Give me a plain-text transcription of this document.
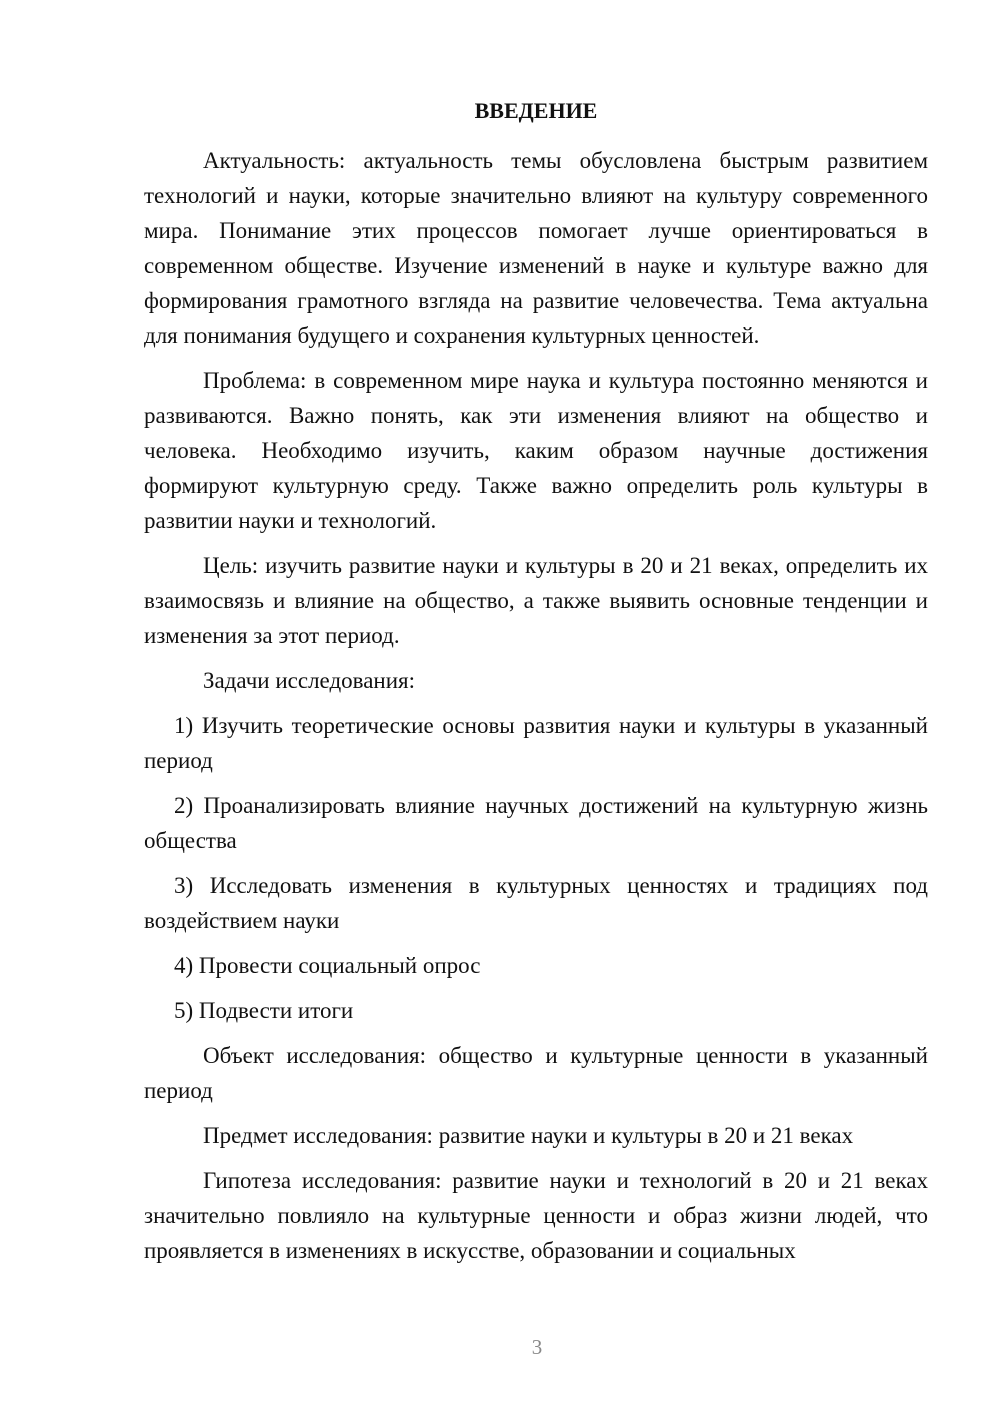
ВВЕДЕНИЕ

Актуальность: актуальность темы обусловлена быстрым развитием технологий и науки, которые значительно влияют на культуру современного мира. Понимание этих процессов помогает лучше ориентироваться в современном обществе. Изучение изменений в науке и культуре важно для формирования грамотного взгляда на развитие человечества. Тема актуальна для понимания будущего и сохранения культурных ценностей.

Проблема: в современном мире наука и культура постоянно меняются и развиваются. Важно понять, как эти изменения влияют на общество и человека. Необходимо изучить, каким образом научные достижения формируют культурную среду. Также важно определить роль культуры в развитии науки и технологий.

Цель: изучить развитие науки и культуры в 20 и 21 веках, определить их взаимосвязь и влияние на общество, а также выявить основные тенденции и изменения за этот период.

Задачи исследования:

1) Изучить теоретические основы развития науки и культуры в указанный период

2) Проанализировать влияние научных достижений на культурную жизнь общества

3) Исследовать изменения в культурных ценностях и традициях под воздействием науки

4) Провести социальный опрос

5) Подвести итоги

Объект исследования: общество и культурные ценности в указанный период

Предмет исследования: развитие науки и культуры в 20 и 21 веках

Гипотеза исследования: развитие науки и технологий в 20 и 21 веках значительно повлияло на культурные ценности и образ жизни людей, что проявляется в изменениях в искусстве, образовании и социальных

3
